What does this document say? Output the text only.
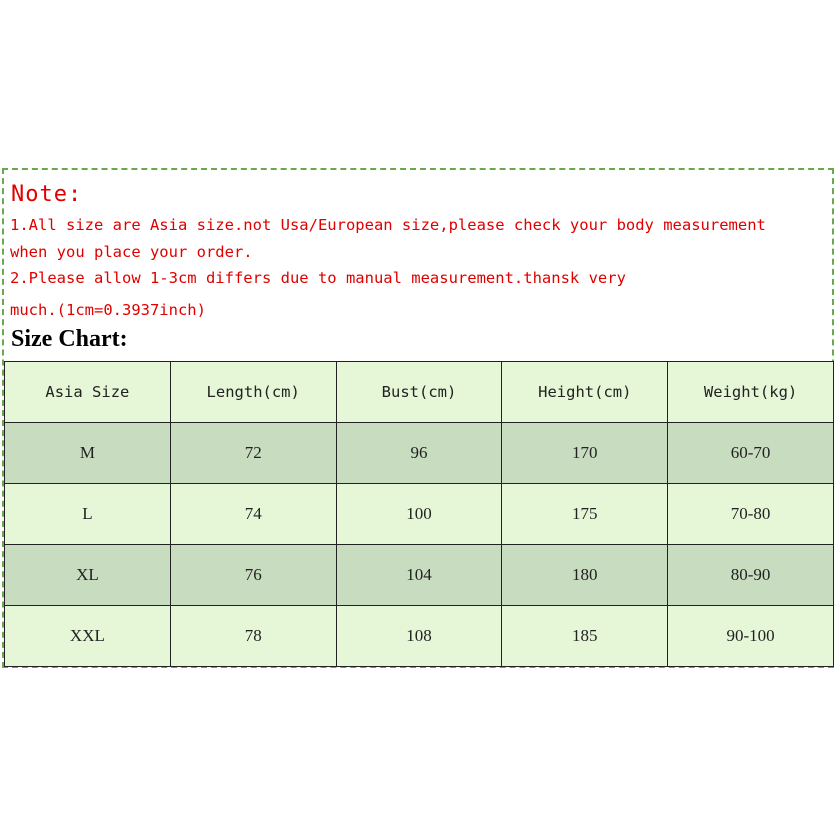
Note:
1.All size are Asia size.not Usa/European size,please check your body measurement
when you place your order.
2.Please allow 1-3cm differs due to manual measurement.thansk very
much.(1cm=0.3937inch)
Size Chart:
Asia Size	Length(cm)	Bust(cm)	Height(cm)	Weight(kg)
M	72	96	170	60-70
L	74	100	175	70-80
XL	76	104	180	80-90
XXL	78	108	185	90-100
